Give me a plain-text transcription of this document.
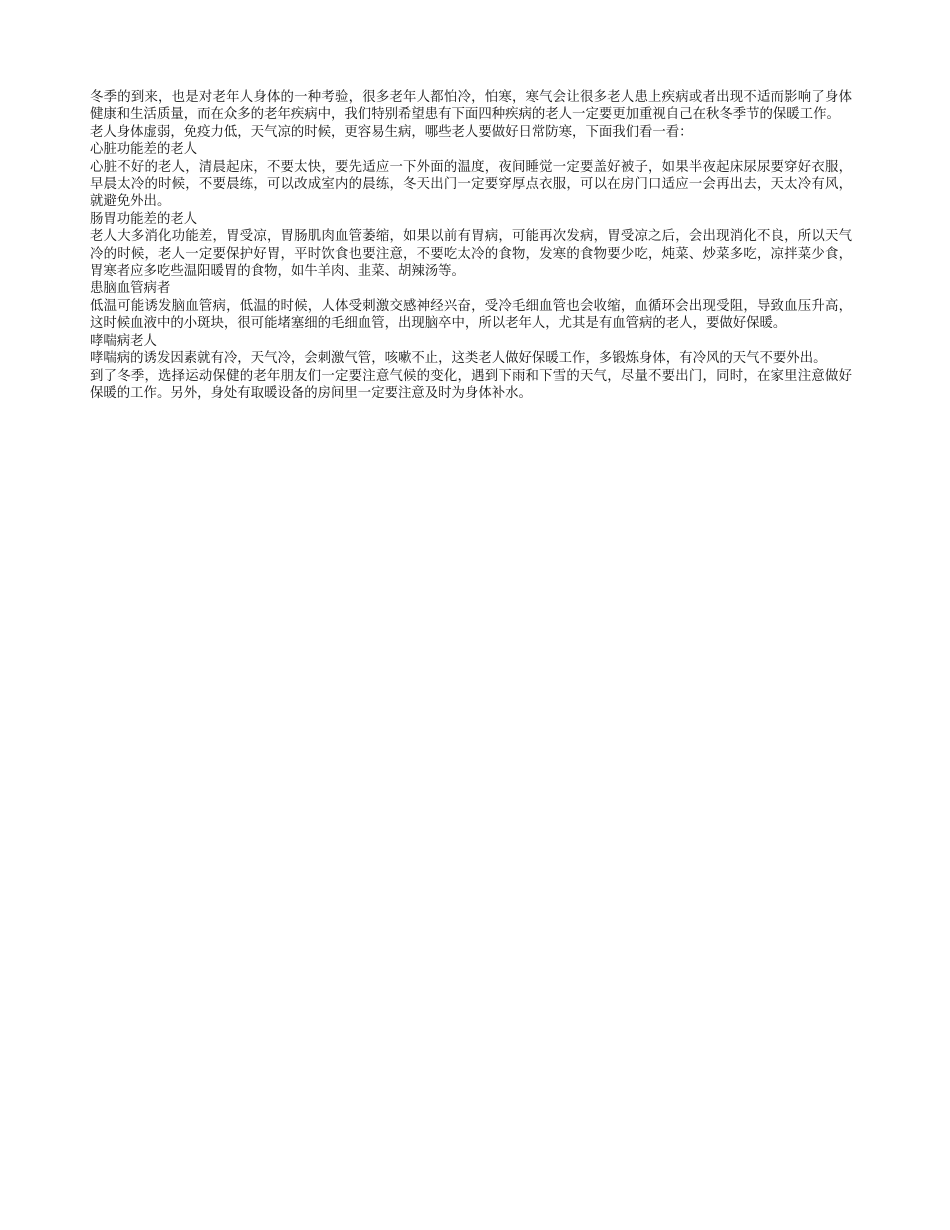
冬季的到来，也是对老年人身体的一种考验，很多老年人都怕冷，怕寒，寒气会让很多老人患上疾病或者出现不适而影响了身体健康和生活质量，而在众多的老年疾病中，我们特别希望患有下面四种疾病的老人一定要更加重视自己在秋冬季节的保暖工作。

老人身体虚弱，免疫力低，天气凉的时候，更容易生病，哪些老人要做好日常防寒，下面我们看一看：

心脏功能差的老人

心脏不好的老人，清晨起床，不要太快，要先适应一下外面的温度，夜间睡觉一定要盖好被子，如果半夜起床尿尿要穿好衣服，早晨太冷的时候，不要晨练，可以改成室内的晨练，冬天出门一定要穿厚点衣服，可以在房门口适应一会再出去，天太冷有风，就避免外出。

肠胃功能差的老人

老人大多消化功能差，胃受凉，胃肠肌肉血管萎缩，如果以前有胃病，可能再次发病，胃受凉之后，会出现消化不良，所以天气冷的时候，老人一定要保护好胃，平时饮食也要注意，不要吃太冷的食物，发寒的食物要少吃，炖菜、炒菜多吃，凉拌菜少食，胃寒者应多吃些温阳暖胃的食物，如牛羊肉、韭菜、胡辣汤等。

患脑血管病者

低温可能诱发脑血管病，低温的时候，人体受刺激交感神经兴奋，受冷毛细血管也会收缩，血循环会出现受阻，导致血压升高，这时候血液中的小斑块，很可能堵塞细的毛细血管，出现脑卒中，所以老年人，尤其是有血管病的老人，要做好保暖。

哮喘病老人

哮喘病的诱发因素就有冷，天气冷，会刺激气管，咳嗽不止，这类老人做好保暖工作，多锻炼身体，有冷风的天气不要外出。

到了冬季，选择运动保健的老年朋友们一定要注意气候的变化，遇到下雨和下雪的天气，尽量不要出门，同时，在家里注意做好保暖的工作。另外，身处有取暖设备的房间里一定要注意及时为身体补水。
